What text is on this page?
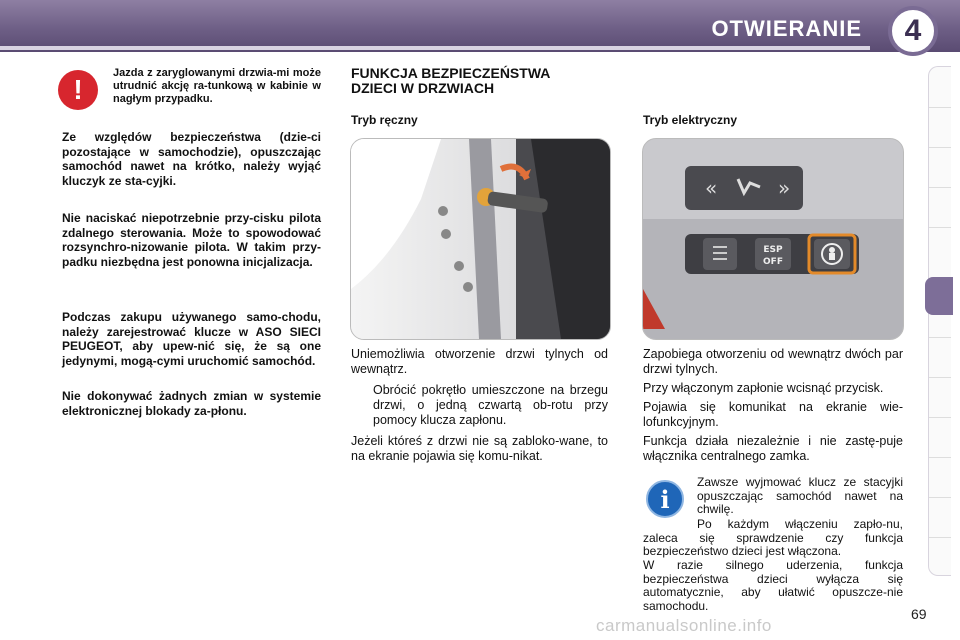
OTWIERANIE	4
!
Jazda z zaryglowanymi drzwia-mi może utrudnić akcję ra-tunkową w kabinie w nagłym przypadku.
Ze względów bezpieczeństwa (dzie-ci pozostające w samochodzie), opuszczając samochód nawet na krótko, należy wyjąć kluczyk ze sta-cyjki.
Nie naciskać niepotrzebnie przy-cisku pilota zdalnego sterowania. Może to spowodować rozsynchro-nizowanie pilota. W takim przy-padku niezbędna jest ponowna inicjalizacja.
Podczas zakupu używanego samo-chodu, należy zarejestrować klucze w ASO SIECI PEUGEOT, aby upew-nić się, że są one jedynymi, mogą-cymi uruchomić samochód.
Nie dokonywać żadnych zmian w systemie elektronicznej blokady za-płonu.
FUNKCJA BEZPIECZEŃSTWA
DZIECI W DRZWIACH
Tryb ręczny
Uniemożliwia otworzenie drzwi tylnych od wewnątrz.
Obrócić pokrętło umieszczone na brzegu drzwi, o jedną czwartą ob-rotu przy pomocy klucza zapłonu.
Jeżeli któreś z drzwi nie są zabloko-wane, to na ekranie pojawia się komu-nikat.
Tryb elektryczny
«	»
ESP
OFF
Zapobiega otworzeniu od wewnątrz dwóch par drzwi tylnych.
Przy włączonym zapłonie wcisnąć przycisk.
Pojawia się komunikat na ekranie wie-lofunkcyjnym.
Funkcja działa niezależnie i nie zastę-puje włącznika centralnego zamka.
i
Zawsze wyjmować klucz ze stacyjki opuszczając samochód nawet na chwilę.
Po każdym włączeniu zapło-nu, zaleca się sprawdzenie czy funkcja bezpieczeństwo dzieci jest włączona.
W razie silnego uderzenia, funkcja bezpieczeństwa dzieci wyłącza się automatycznie, aby ułatwić opuszcze-nie samochodu.
69
carmanualsonline.info
